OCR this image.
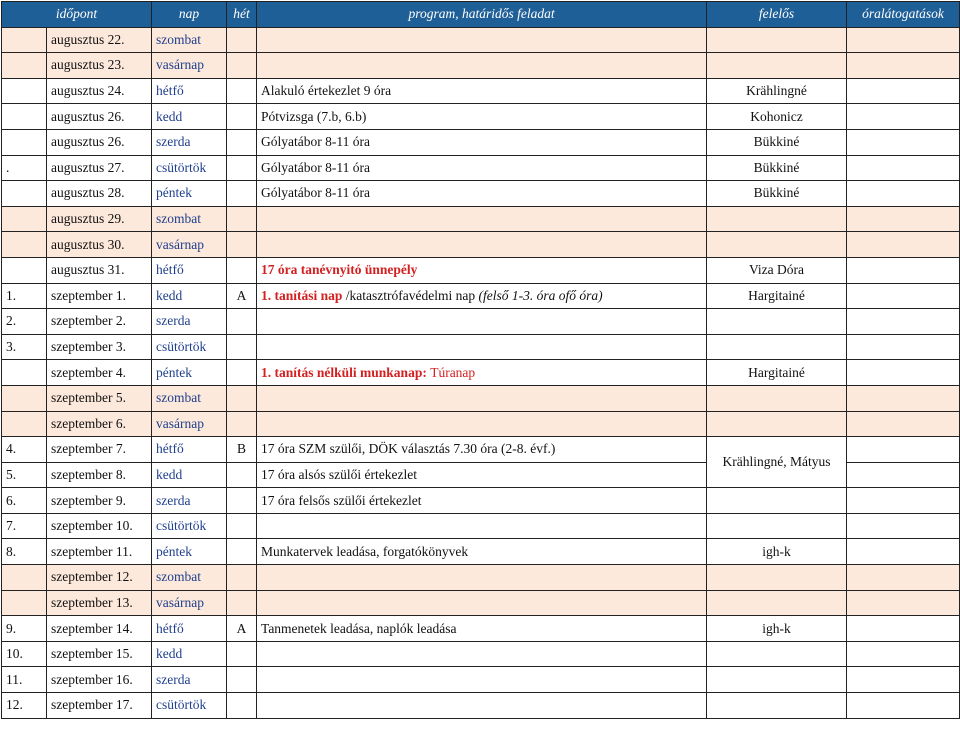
időpont		nap	hét	program, határidős feladat	felelős	óralátogatások
	augusztus 22.	szombat				
	augusztus 23.	vasárnap				
	augusztus 24.	hétfő		Alakuló értekezlet 9 óra	Krählingné	
	augusztus 26.	kedd		Pótvizsga (7.b, 6.b)	Kohonicz	
	augusztus 26.	szerda		Gólyatábor 8-11 óra	Bükkiné	
.	augusztus 27.	csütörtök		Gólyatábor 8-11 óra	Bükkiné	
	augusztus 28.	péntek		Gólyatábor 8-11 óra	Bükkiné	
	augusztus 29.	szombat				
	augusztus 30.	vasárnap				
	augusztus 31.	hétfő		17 óra tanévnyitó ünnepély	Viza Dóra	
1.	szeptember 1.	kedd	A	1. tanítási nap /katasztrófavédelmi nap (felső 1-3. óra ofő óra)	Hargitainé	
2.	szeptember 2.	szerda				
3.	szeptember 3.	csütörtök				
	szeptember 4.	péntek		1. tanítás nélküli munkanap: Túranap	Hargitainé	
	szeptember 5.	szombat				
	szeptember 6.	vasárnap				
4.	szeptember 7.	hétfő	B	17 óra SZM szülői, DÖK választás 7.30 óra (2-8. évf.)	Krählingné, Mátyus	
5.	szeptember 8.	kedd		17 óra alsós szülői értekezlet		
6.	szeptember 9.	szerda		17 óra felsős szülői értekezlet		
7.	szeptember 10.	csütörtök				
8.	szeptember 11.	péntek		Munkatervek leadása, forgatókönyvek	igh-k	
	szeptember 12.	szombat				
	szeptember 13.	vasárnap				
9.	szeptember 14.	hétfő	A	Tanmenetek leadása, naplók leadása	igh-k	
10.	szeptember 15.	kedd				
11.	szeptember 16.	szerda				
12.	szeptember 17.	csütörtök				
